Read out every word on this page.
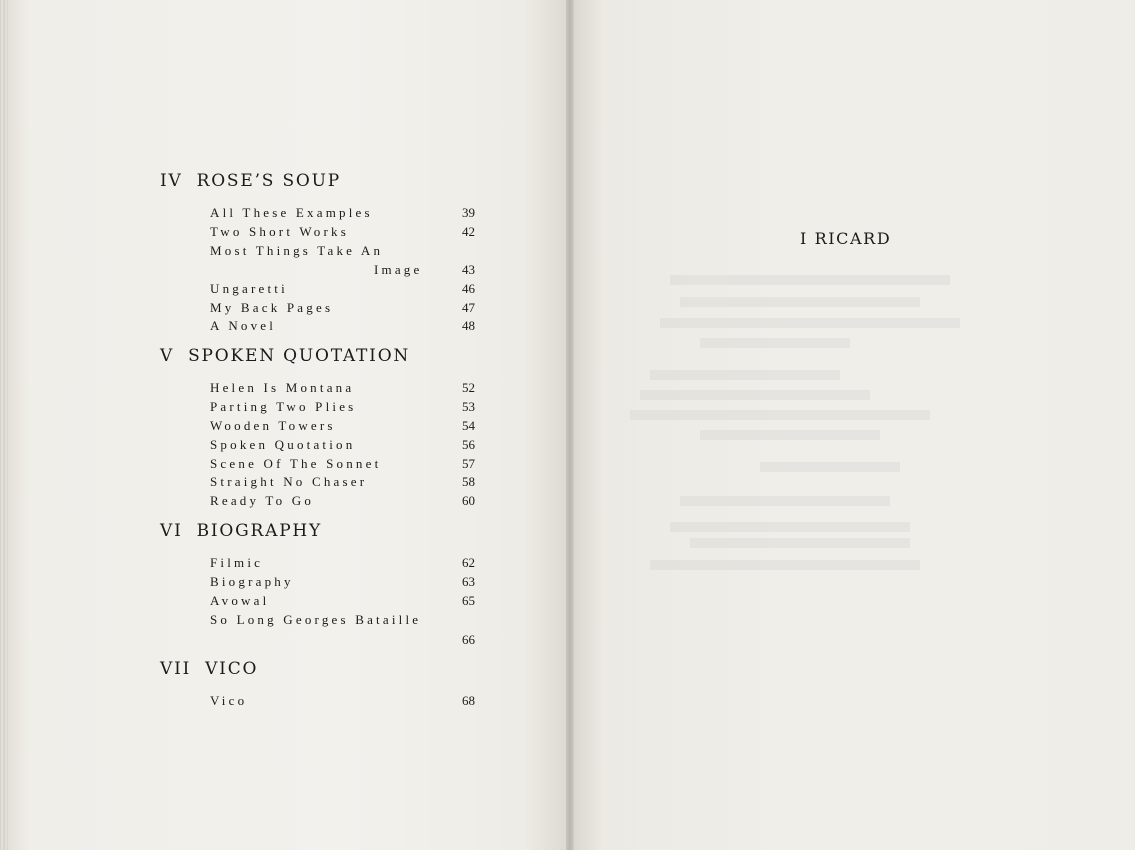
IV ROSE’S SOUP
All These Examples	39
Two Short Works	42
Most Things Take An
Image	43
Ungaretti	46
My Back Pages	47
A Novel	48
V SPOKEN QUOTATION
Helen Is Montana	52
Parting Two Plies	53
Wooden Towers	54
Spoken Quotation	56
Scene Of The Sonnet	57
Straight No Chaser	58
Ready To Go	60
VI BIOGRAPHY
Filmic	62
Biography	63
Avowal	65
So Long Georges Bataille
66
VII VICO
Vico	68
I RICARD
